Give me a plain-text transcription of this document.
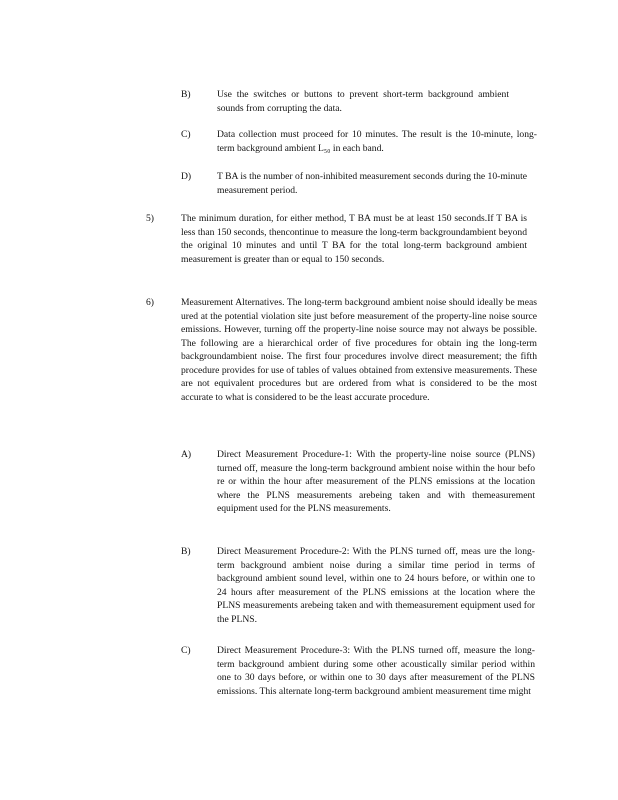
B)	Use the switches or buttons to prevent short-term background ambient sounds from corrupting the data.
C)	Data collection must proceed for 10 minutes. The result is the 10-minute, long-term background ambient L₅₀ in each band.
D)	T BA is the number of non-inhibited measurement seconds during the 10-minute measurement period.
5)	The minimum duration, for either method, T BA must be at least 150 seconds.If T BA is less than 150 seconds, thencontinue to measure the long-term backgroundambient beyond the original 10 minutes and until T BA for the total long-term background ambient measurement is greater than or equal to 150 seconds.
6)	Measurement Alternatives. The long-term background ambient noise should ideally be meas ured at the potential violation site just before measurement of the property-line noise source emissions. However, turning off the property-line noise source may not always be possible. The following are a hierarchical order of five procedures for obtain ing the long-term backgroundambient noise. The first four procedures involve direct measurement; the fifth procedure provides for use of tables of values obtained from extensive measurements. These are not equivalent procedures but are ordered from what is considered to be the most accurate to what is considered to be the least accurate procedure.
A)	Direct Measurement Procedure-1: With the property-line noise source (PLNS) turned off, measure the long-term background ambient noise within the hour befo re or within the hour after measurement of the PLNS emissions at the location where the PLNS measurements arebeing taken and with themeasurement equipment used for the PLNS measurements.
B)	Direct Measurement Procedure-2: With the PLNS turned off, meas ure the long-term background ambient noise during a similar time period in terms of background ambient sound level, within one to 24 hours before, or within one to 24 hours after measurement of the PLNS emissions at the location where the PLNS measurements arebeing taken and with themeasurement equipment used for the PLNS.
C)	Direct Measurement Procedure-3: With the PLNS turned off, measure the long-term background ambient during some other acoustically similar period within one to 30 days before, or within one to 30 days after measurement of the PLNS emissions. This alternate long-term background ambient measurement time might
